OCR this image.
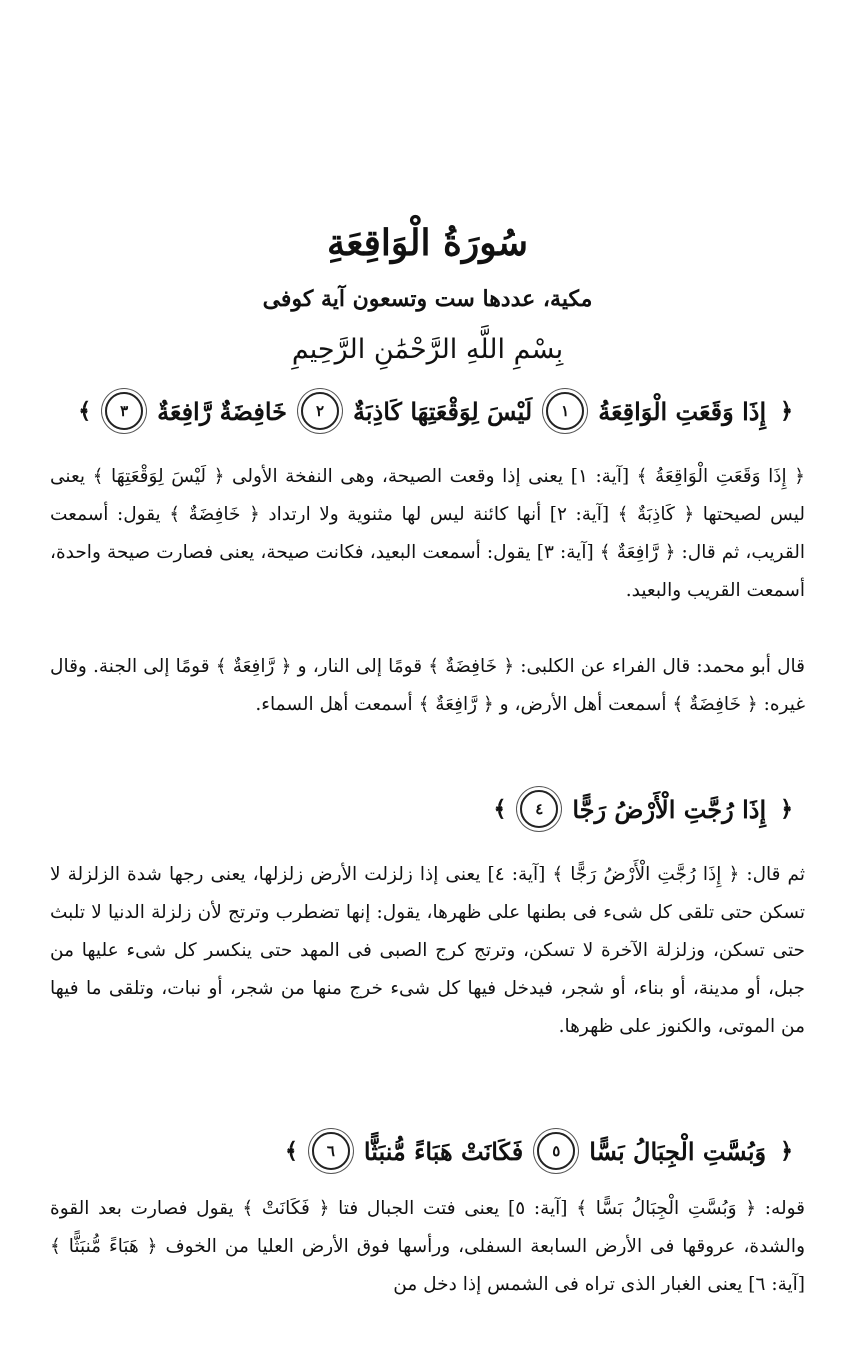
سُورَةُ الْوَاقِعَةِ
مكية، عددها ست وتسعون آية كوفى
بِسْمِ اللَّهِ الرَّحْمَٰنِ الرَّحِيمِ
﴿
إِذَا وَقَعَتِ الْوَاقِعَةُ
١
لَيْسَ لِوَقْعَتِهَا كَاذِبَةٌ
٢
خَافِضَةٌ رَّافِعَةٌ
٣
﴾
﴿ إِذَا وَقَعَتِ الْوَاقِعَةُ ﴾ [آية: ١] يعنى إذا وقعت الصيحة، وهى النفخة الأولى ﴿ لَيْسَ لِوَقْعَتِهَا ﴾ يعنى ليس لصيحتها ﴿ كَاذِبَةٌ ﴾ [آية: ٢] أنها كائنة ليس لها مثنوية ولا ارتداد ﴿ خَافِضَةٌ ﴾ يقول: أسمعت القريب، ثم قال: ﴿ رَّافِعَةٌ ﴾ [آية: ٣] يقول: أسمعت البعيد، فكانت صيحة، يعنى فصارت صيحة واحدة، أسمعت القريب والبعيد.
قال أبو محمد: قال الفراء عن الكلبى: ﴿ خَافِضَةٌ ﴾ قومًا إلى النار، و ﴿ رَّافِعَةٌ ﴾ قومًا إلى الجنة. وقال غيره: ﴿ خَافِضَةٌ ﴾ أسمعت أهل الأرض، و ﴿ رَّافِعَةٌ ﴾ أسمعت أهل السماء.
﴿
إِذَا رُجَّتِ الْأَرْضُ رَجًّا
٤
﴾
ثم قال: ﴿ إِذَا رُجَّتِ الْأَرْضُ رَجًّا ﴾ [آية: ٤] يعنى إذا زلزلت الأرض زلزلها، يعنى رجها شدة الزلزلة لا تسكن حتى تلقى كل شىء فى بطنها على ظهرها، يقول: إنها تضطرب وترتج لأن زلزلة الدنيا لا تلبث حتى تسكن، وزلزلة الآخرة لا تسكن، وترتج كرج الصبى فى المهد حتى ينكسر كل شىء عليها من جبل، أو مدينة، أو بناء، أو شجر، فيدخل فيها كل شىء خرج منها من شجر، أو نبات، وتلقى ما فيها من الموتى، والكنوز على ظهرها.
﴿
وَبُسَّتِ الْجِبَالُ بَسًّا
٥
فَكَانَتْ هَبَاءً مُّنبَثًّا
٦
﴾
قوله: ﴿ وَبُسَّتِ الْجِبَالُ بَسًّا ﴾ [آية: ٥] يعنى فتت الجبال فتا ﴿ فَكَانَتْ ﴾ يقول فصارت بعد القوة والشدة، عروقها فى الأرض السابعة السفلى، ورأسها فوق الأرض العليا من الخوف ﴿ هَبَاءً مُّنبَثًّا ﴾ [آية: ٦] يعنى الغبار الذى تراه فى الشمس إذا دخل من
